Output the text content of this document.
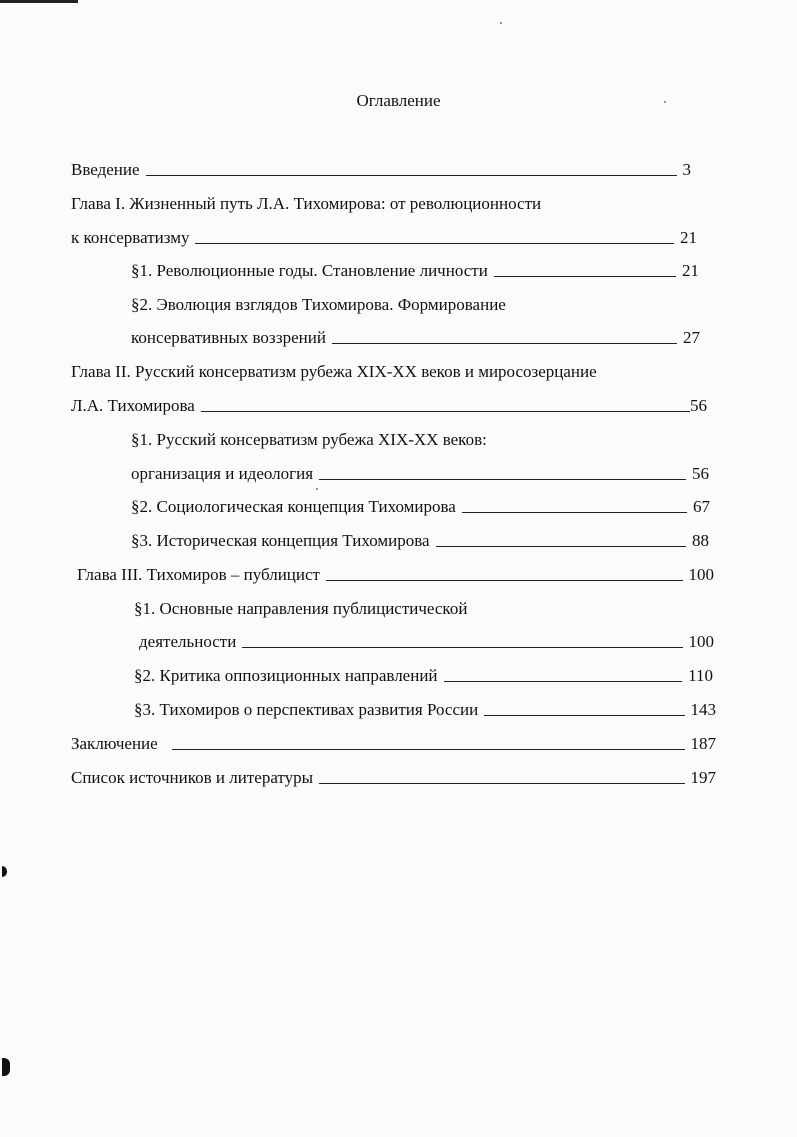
Оглавление
Введение	3
Глава I. Жизненный путь Л.А. Тихомирова: от революционности
к консерватизму	21
§1. Революционные годы. Становление личности	21
§2. Эволюция взглядов Тихомирова. Формирование
консервативных воззрений	27
Глава II. Русский консерватизм рубежа XIX-XX веков и миросозерцание
Л.А. Тихомирова	56
§1. Русский консерватизм рубежа XIX-XX веков:
организация и идеология	56
§2. Социологическая концепция Тихомирова	67
§3. Историческая концепция Тихомирова	88
Глава III. Тихомиров – публицист	100
§1. Основные направления публицистической
деятельности	100
§2. Критика оппозиционных направлений	110
§3. Тихомиров о перспективах развития России	143
Заключение	187
Список источников и литературы	197
